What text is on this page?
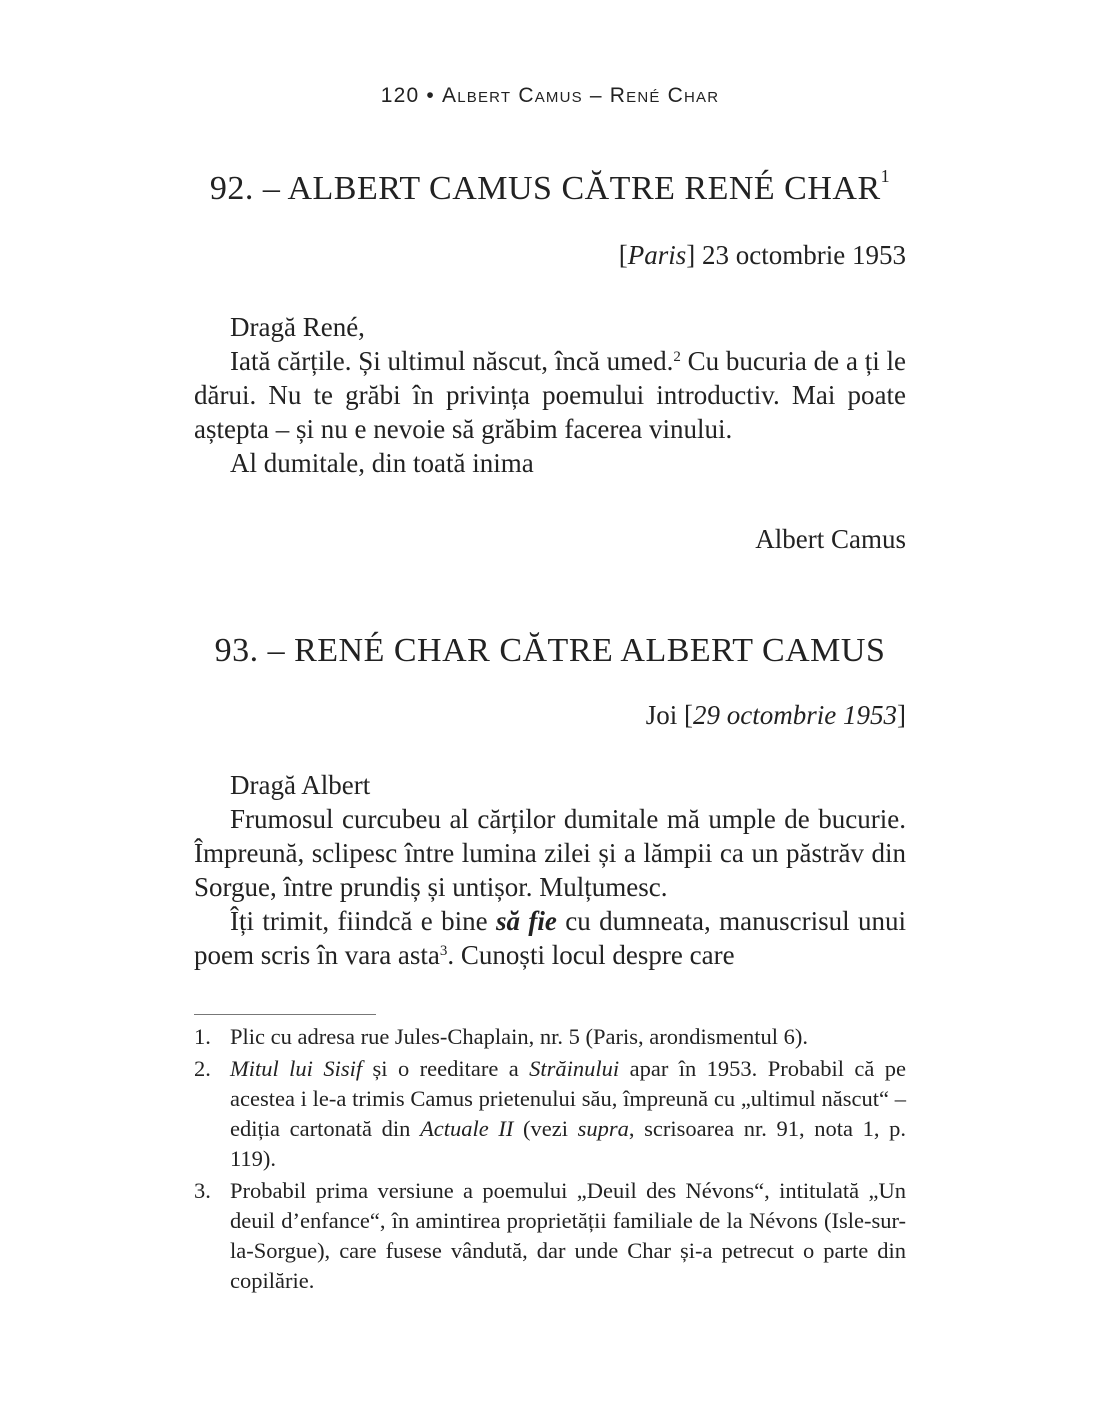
120 • Albert Camus – René Char
92. – ALBERT CAMUS CĂTRE RENÉ CHAR$^1$
[Paris] 23 octombrie 1953

Dragă René,

Iată cărțile. Și ultimul născut, încă umed.$^2$ Cu bucuria de a ți le dărui. Nu te grăbi în privința poemului introductiv. Mai poate aștepta – și nu e nevoie să grăbim facerea vinului.

Al dumitale, din toată inima

Albert Camus
93. – RENÉ CHAR CĂTRE ALBERT CAMUS
Joi [29 octombrie 1953]

Dragă Albert

Frumosul curcubeu al cărților dumitale mă umple de bucurie. Împreună, sclipesc între lumina zilei și a lămpii ca un păstrăv din Sorgue, între prundiș și untișor. Mulțumesc.

Îți trimit, fiindcă e bine să fie cu dumneata, manuscrisul unui poem scris în vara asta$^3$. Cunoști locul despre care

1. Plic cu adresa rue Jules-Chaplain, nr. 5 (Paris, arondismentul 6).
2. Mitul lui Sisif și o reeditare a Străinului apar în 1953. Probabil că pe acestea i le-a trimis Camus prietenului său, împreună cu „ultimul născut“ – ediția cartonată din Actuale II (vezi supra, scrisoarea nr. 91, nota 1, p. 119).
3. Probabil prima versiune a poemului „Deuil des Névons“, intitulată „Un deuil d’enfance“, în amintirea proprietății familiale de la Névons (Isle-sur-la-Sorgue), care fusese vândută, dar unde Char și-a petrecut o parte din copilărie.
